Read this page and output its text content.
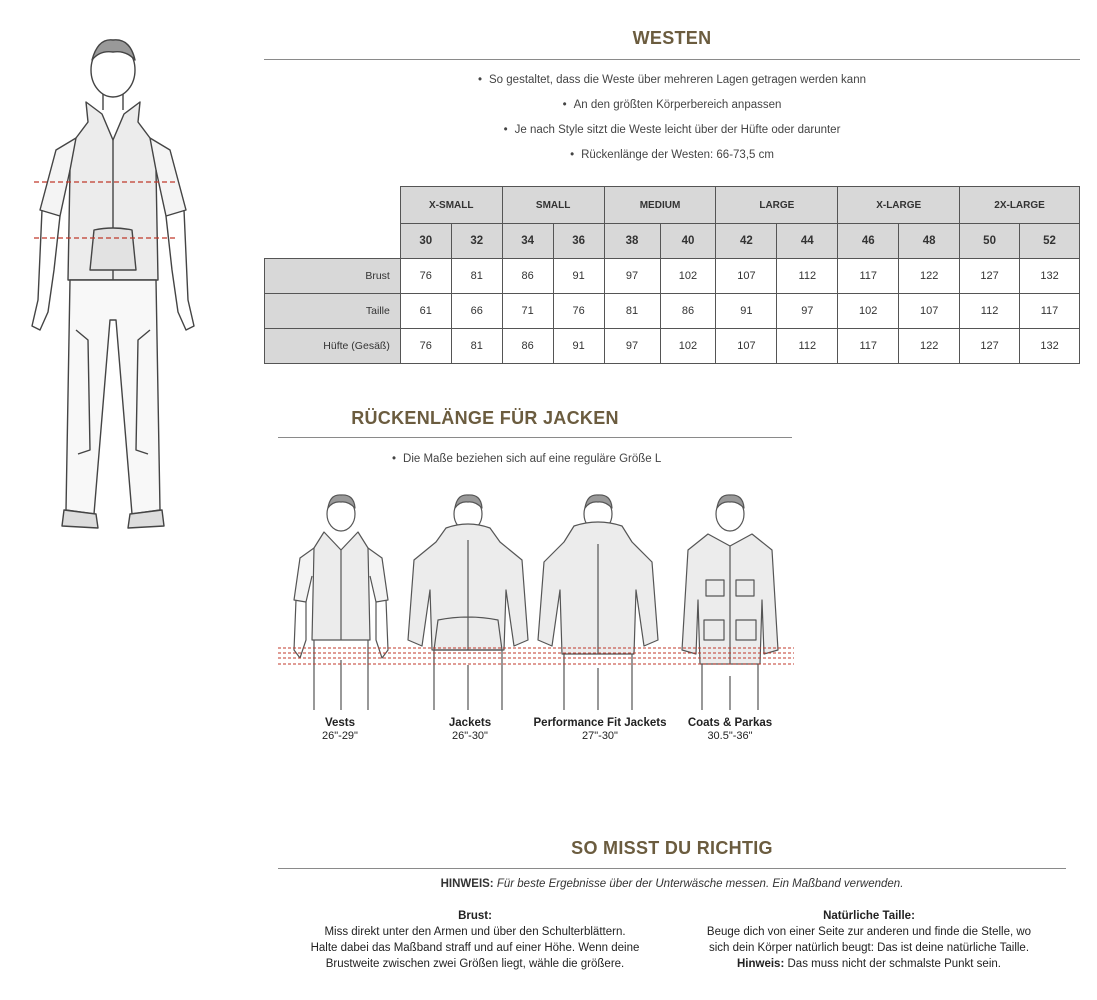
WESTEN
• So gestaltet, dass die Weste über mehreren Lagen getragen werden kann
• An den größten Körperbereich anpassen
• Je nach Style sitzt die Weste leicht über der Hüfte oder darunter
• Rückenlänge der Westen: 66-73,5 cm
	X-SMALL		SMALL		MEDIUM		LARGE		X-LARGE		2X-LARGE	
	30	32	34	36	38	40	42	44	46	48	50	52
Brust	76	81	86	91	97	102	107	112	117	122	127	132
Taille	61	66	71	76	81	86	91	97	102	107	112	117
Hüfte (Gesäß)	76	81	86	91	97	102	107	112	117	122	127	132
RÜCKENLÄNGE FÜR JACKEN
• Die Maße beziehen sich auf eine reguläre Größe L
Vests
26"-29"
Jackets
26"-30"
Performance Fit Jackets
27"-30"
Coats & Parkas
30.5"-36"
SO MISST DU RICHTIG
HINWEIS: Für beste Ergebnisse über der Unterwäsche messen. Ein Maßband verwenden.
Brust:

Miss direkt unter den Armen und über den Schulterblättern.

Halte dabei das Maßband straff und auf einer Höhe. Wenn deine

Brustweite zwischen zwei Größen liegt, wähle die größere.

Natürliche Taille:

Beuge dich von einer Seite zur anderen und finde die Stelle, wo

sich dein Körper natürlich beugt: Das ist deine natürliche Taille.

Hinweis: Das muss nicht der schmalste Punkt sein.
